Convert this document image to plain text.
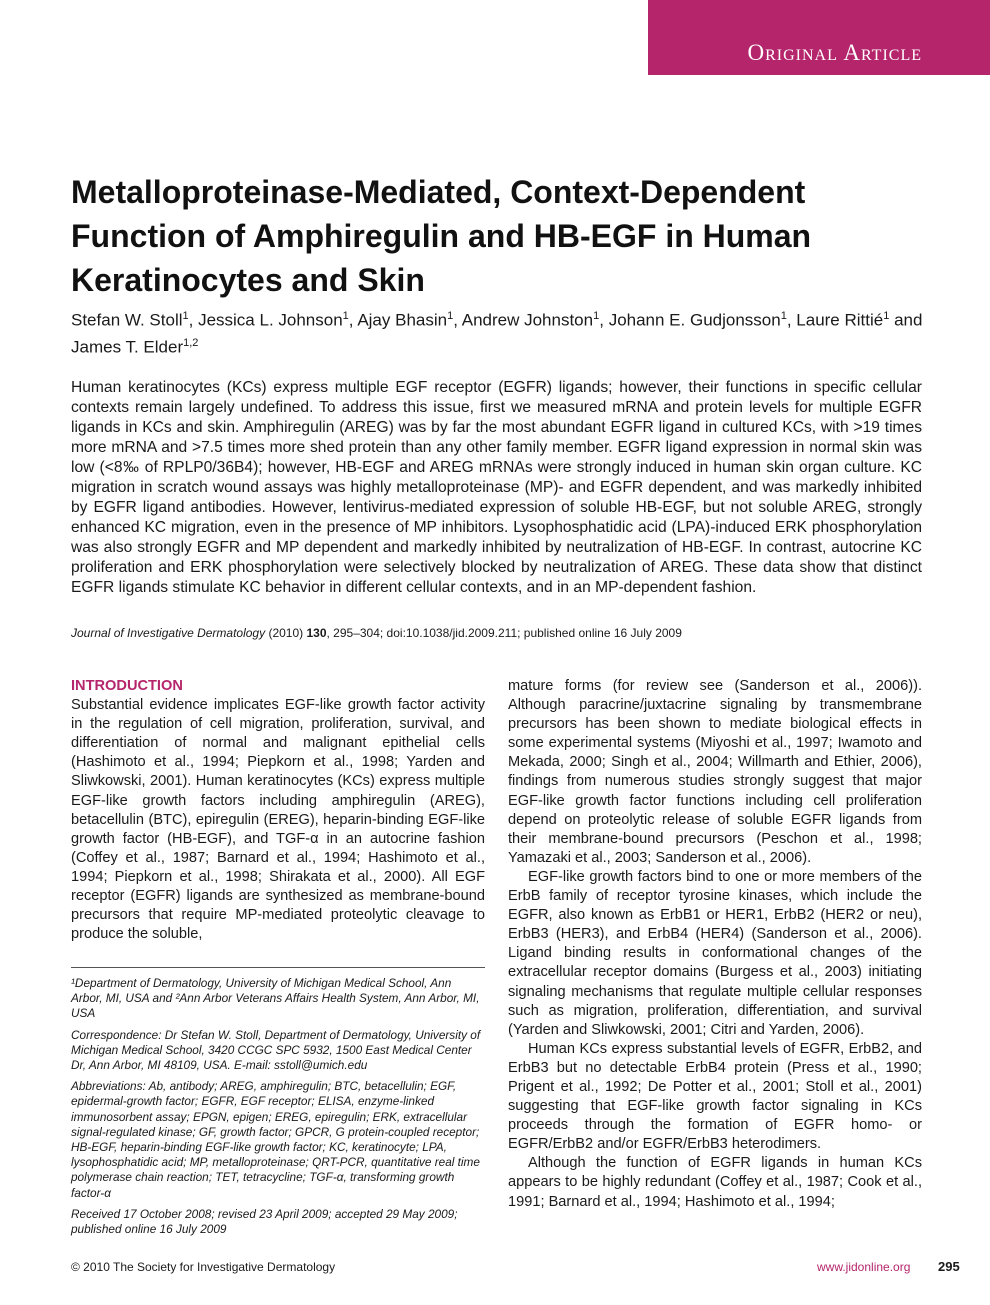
Original Article
Metalloproteinase-Mediated, Context-Dependent Function of Amphiregulin and HB-EGF in Human Keratinocytes and Skin
Stefan W. Stoll$^1$, Jessica L. Johnson$^1$, Ajay Bhasin$^1$, Andrew Johnston$^1$, Johann E. Gudjonsson$^1$, Laure Rittié$^1$ and James T. Elder$^{1,2}$
Human keratinocytes (KCs) express multiple EGF receptor (EGFR) ligands; however, their functions in specific cellular contexts remain largely undefined. To address this issue, first we measured mRNA and protein levels for multiple EGFR ligands in KCs and skin. Amphiregulin (AREG) was by far the most abundant EGFR ligand in cultured KCs, with >19 times more mRNA and >7.5 times more shed protein than any other family member. EGFR ligand expression in normal skin was low (<8‰ of RPLP0/36B4); however, HB-EGF and AREG mRNAs were strongly induced in human skin organ culture. KC migration in scratch wound assays was highly metalloproteinase (MP)- and EGFR dependent, and was markedly inhibited by EGFR ligand antibodies. However, lentivirus-mediated expression of soluble HB-EGF, but not soluble AREG, strongly enhanced KC migration, even in the presence of MP inhibitors. Lysophosphatidic acid (LPA)-induced ERK phosphorylation was also strongly EGFR and MP dependent and markedly inhibited by neutralization of HB-EGF. In contrast, autocrine KC proliferation and ERK phosphorylation were selectively blocked by neutralization of AREG. These data show that distinct EGFR ligands stimulate KC behavior in different cellular contexts, and in an MP-dependent fashion.
Journal of Investigative Dermatology (2010) 130, 295–304; doi:10.1038/jid.2009.211; published online 16 July 2009
INTRODUCTION

Substantial evidence implicates EGF-like growth factor activity in the regulation of cell migration, proliferation, survival, and differentiation of normal and malignant epithelial cells (Hashimoto et al., 1994; Piepkorn et al., 1998; Yarden and Sliwkowski, 2001). Human keratinocytes (KCs) express multiple EGF-like growth factors including amphiregulin (AREG), betacellulin (BTC), epiregulin (EREG), heparin-binding EGF-like growth factor (HB-EGF), and TGF-α in an autocrine fashion (Coffey et al., 1987; Barnard et al., 1994; Hashimoto et al., 1994; Piepkorn et al., 1998; Shirakata et al., 2000). All EGF receptor (EGFR) ligands are synthesized as membrane-bound precursors that require MP-mediated proteolytic cleavage to produce the soluble,

¹Department of Dermatology, University of Michigan Medical School, Ann Arbor, MI, USA and ²Ann Arbor Veterans Affairs Health System, Ann Arbor, MI, USA

Correspondence: Dr Stefan W. Stoll, Department of Dermatology, University of Michigan Medical School, 3420 CCGC SPC 5932, 1500 East Medical Center Dr, Ann Arbor, MI 48109, USA. E-mail: sstoll@umich.edu

Abbreviations: Ab, antibody; AREG, amphiregulin; BTC, betacellulin; EGF, epidermal-growth factor; EGFR, EGF receptor; ELISA, enzyme-linked immunosorbent assay; EPGN, epigen; EREG, epiregulin; ERK, extracellular signal-regulated kinase; GF, growth factor; GPCR, G protein-coupled receptor; HB-EGF, heparin-binding EGF-like growth factor; KC, keratinocyte; LPA, lysophosphatidic acid; MP, metalloproteinase; QRT-PCR, quantitative real time polymerase chain reaction; TET, tetracycline; TGF-α, transforming growth factor-α

Received 17 October 2008; revised 23 April 2009; accepted 29 May 2009; published online 16 July 2009

mature forms (for review see (Sanderson et al., 2006)). Although paracrine/juxtacrine signaling by transmembrane precursors has been shown to mediate biological effects in some experimental systems (Miyoshi et al., 1997; Iwamoto and Mekada, 2000; Singh et al., 2004; Willmarth and Ethier, 2006), findings from numerous studies strongly suggest that major EGF-like growth factor functions including cell proliferation depend on proteolytic release of soluble EGFR ligands from their membrane-bound precursors (Peschon et al., 1998; Yamazaki et al., 2003; Sanderson et al., 2006).

EGF-like growth factors bind to one or more members of the ErbB family of receptor tyrosine kinases, which include the EGFR, also known as ErbB1 or HER1, ErbB2 (HER2 or neu), ErbB3 (HER3), and ErbB4 (HER4) (Sanderson et al., 2006). Ligand binding results in conformational changes of the extracellular receptor domains (Burgess et al., 2003) initiating signaling mechanisms that regulate multiple cellular responses such as migration, proliferation, differentiation, and survival (Yarden and Sliwkowski, 2001; Citri and Yarden, 2006).

Human KCs express substantial levels of EGFR, ErbB2, and ErbB3 but no detectable ErbB4 protein (Press et al., 1990; Prigent et al., 1992; De Potter et al., 2001; Stoll et al., 2001) suggesting that EGF-like growth factor signaling in KCs proceeds through the formation of EGFR homo- or EGFR/ErbB2 and/or EGFR/ErbB3 heterodimers.

Although the function of EGFR ligands in human KCs appears to be highly redundant (Coffey et al., 1987; Cook et al., 1991; Barnard et al., 1994; Hashimoto et al., 1994;

© 2010 The Society for Investigative Dermatology	www.jidonline.org 295
